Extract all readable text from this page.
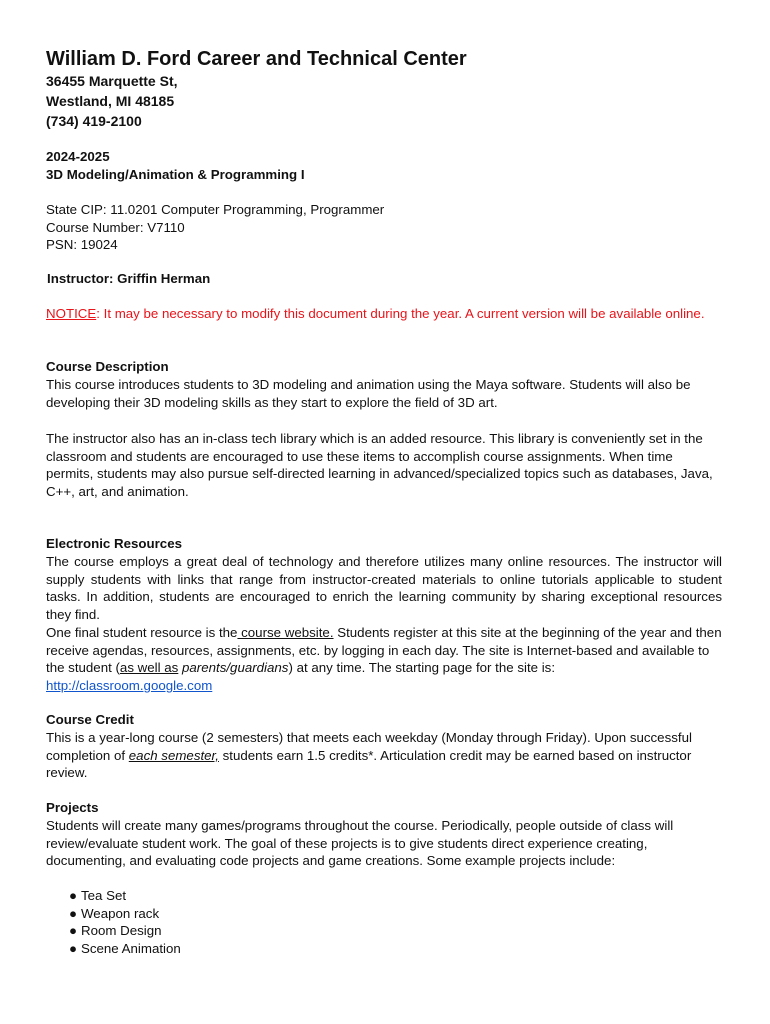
William D. Ford Career and Technical Center
36455 Marquette St,
Westland, MI 48185
(734) 419-2100
2024-2025
3D Modeling/Animation & Programming I
State CIP: 11.0201 Computer Programming, Programmer
Course Number: V7110
PSN: 19024
Instructor: Griffin Herman
NOTICE: It may be necessary to modify this document during the year. A current version will be available online.
Course Description
This course introduces students to 3D modeling and animation using the Maya software. Students will also be developing their 3D modeling skills as they start to explore the field of 3D art.
The instructor also has an in-class tech library which is an added resource. This library is conveniently set in the classroom and students are encouraged to use these items to accomplish course assignments. When time permits, students may also pursue self-directed learning in advanced/specialized topics such as databases, Java, C++, art, and animation.
Electronic Resources
The course employs a great deal of technology and therefore utilizes many online resources. The instructor will supply students with links that range from instructor-created materials to online tutorials applicable to student tasks. In addition, students are encouraged to enrich the learning community by sharing exceptional resources they find.
One final student resource is the course website. Students register at this site at the beginning of the year and then receive agendas, resources, assignments, etc. by logging in each day. The site is Internet-based and available to the student (as well as parents/guardians) at any time. The starting page for the site is:
http://classroom.google.com
Course Credit
This is a year-long course (2 semesters) that meets each weekday (Monday through Friday). Upon successful completion of each semester, students earn 1.5 credits*. Articulation credit may be earned based on instructor review.
Projects
Students will create many games/programs throughout the course. Periodically, people outside of class will review/evaluate student work. The goal of these projects is to give students direct experience creating, documenting, and evaluating code projects and game creations. Some example projects include:
● Tea Set
● Weapon rack
● Room Design
● Scene Animation
